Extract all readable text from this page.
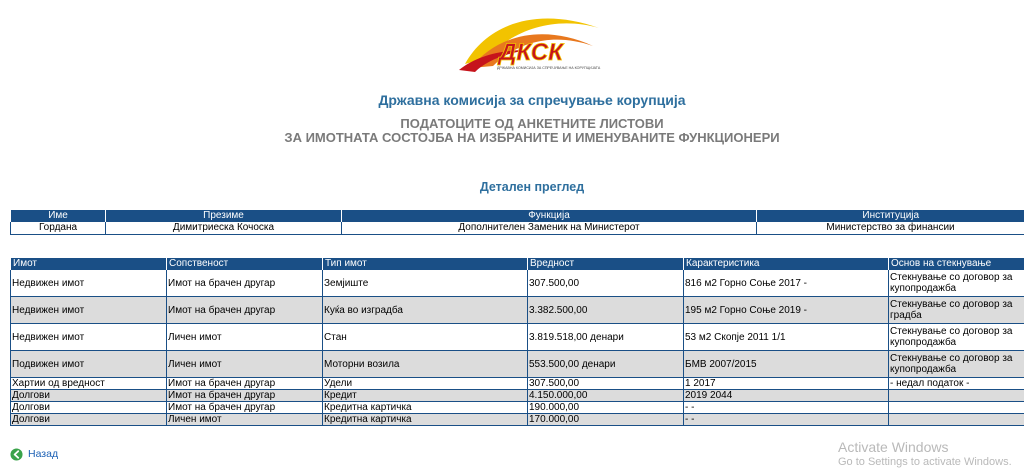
ДКСК
ДРЖАВНА КОМИСИЈА ЗА СПРЕЧУВАЊЕ НА КОРУПЦИЈАТА
Државна комисија за спречување корупција
ПОДАТОЦИТЕ ОД АНКЕТНИТЕ ЛИСТОВИ
ЗА ИМОТНАТА СОСТОЈБА НА ИЗБРАНИТЕ И ИМЕНУВАНИТЕ ФУНКЦИОНЕРИ
Детален преглед
Име	Презиме	Функција	Институција
Гордана	Димитриеска Кочоска	Дополнителен Заменик на Министерот	Министерство за финансии
Имот	Сопственост	Тип имот	Вредност	Карактеристика	Основ на стекнување
Недвижен имот	Имот на брачен другар	Земјиште	307.500,00	816 м2 Горно Соње 2017 -	Стекнување со договор за купопродажба
Недвижен имот	Имот на брачен другар	Куќа во изградба	3.382.500,00	195 м2 Горно Соње 2019 -	Стекнување со договор за градба
Недвижен имот	Личен имот	Стан	3.819.518,00 денари	53 м2 Скопје 2011 1/1	Стекнување со договор за купопродажба
Подвижен имот	Личен имот	Моторни возила	553.500,00 денари	БМВ 2007/2015	Стекнување со договор за купопродажба
Хартии од вредност	Имот на брачен другар	Удели	307.500,00	1 2017	- недал податок -
Долгови	Имот на брачен другар	Кредит	4.150.000,00	2019 2044	
Долгови	Имот на брачен другар	Кредитна картичка	190.000,00	- -	
Долгови	Личен имот	Кредитна картичка	170.000,00	- -	
Назад	Activate Windows
Go to Settings to activate Windows.
